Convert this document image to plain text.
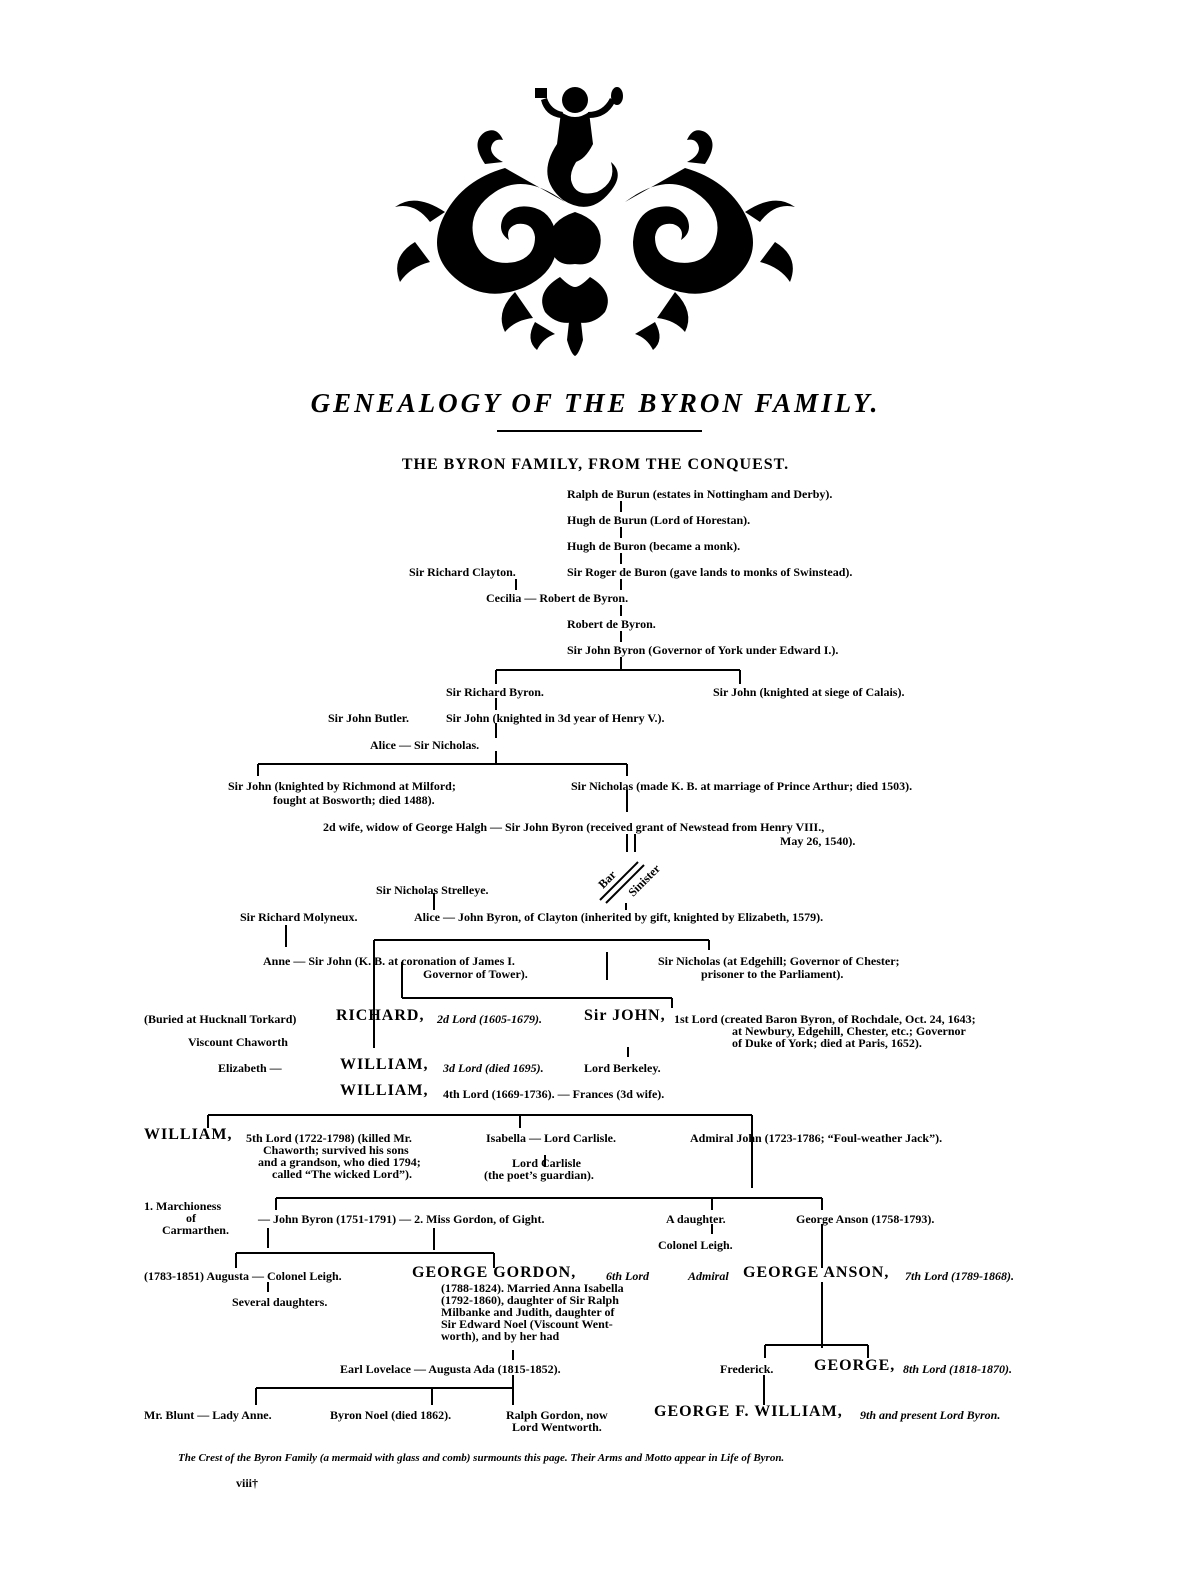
GENEALOGY OF THE BYRON FAMILY.
THE BYRON FAMILY, FROM THE CONQUEST.
Ralph de Burun (estates in Nottingham and Derby).
Hugh de Burun (Lord of Horestan).
Hugh de Buron (became a monk).
Sir Richard Clayton.	Sir Roger de Buron (gave lands to monks of Swinstead).
Cecilia — Robert de Byron.
Robert de Byron.
Sir John Byron (Governor of York under Edward I.).
Sir Richard Byron.	Sir John (knighted at siege of Calais).
Sir John Butler.	Sir John (knighted in 3d year of Henry V.).
Alice — Sir Nicholas.
Sir John (knighted by Richmond at Milford;
fought at Bosworth; died 1488).
Sir Nicholas (made K. B. at marriage of Prince Arthur; died 1503).
2d wife, widow of George Halgh — Sir John Byron (received grant of Newstead from Henry VIII.,
May 26, 1540).
Bar Sinister
Sir Nicholas Strelleye.
Sir Richard Molyneux.	Alice — John Byron, of Clayton (inherited by gift, knighted by Elizabeth, 1579).
Anne — Sir John (K. B. at coronation of James I.
Governor of Tower).
Sir Nicholas (at Edgehill; Governor of Chester;
prisoner to the Parliament).
(Buried at Hucknall Torkard) RICHARD, 2d Lord (1605-1679).	Sir JOHN, 1st Lord (created Baron Byron, of Rochdale, Oct. 24, 1643;
at Newbury, Edgehill, Chester, etc.; Governor
of Duke of York; died at Paris, 1652).
Viscount Chaworth
Elizabeth —	WILLIAM, 3d Lord (died 1695).	Lord Berkeley.
WILLIAM, 4th Lord (1669-1736). — Frances (3d wife).
WILLIAM, 5th Lord (1722-1798) (killed Mr.
Chaworth; survived his sons
and a grandson, who died 1794;
called “The wicked Lord”).
Isabella — Lord Carlisle.
Lord Carlisle
(the poet’s guardian).
Admiral John (1723-1786; “Foul-weather Jack”).
1. Marchioness
of
Carmarthen.
— John Byron (1751-1791) — 2. Miss Gordon, of Gight.	A daughter.
Colonel Leigh.
George Anson (1758-1793).
(1783-1851) Augusta — Colonel Leigh.
Several daughters.
GEORGE GORDON, 6th Lord
(1788-1824). Married Anna Isabella
(1792-1860), daughter of Sir Ralph
Milbanke and Judith, daughter of
Sir Edward Noel (Viscount Went-
worth), and by her had
Admiral GEORGE ANSON, 7th Lord (1789-1868).
Earl Lovelace — Augusta Ada (1815-1852).	Frederick.	GEORGE, 8th Lord (1818-1870).
Mr. Blunt — Lady Anne.	Byron Noel (died 1862).	Ralph Gordon, now
Lord Wentworth.
GEORGE F. WILLIAM, 9th and present Lord Byron.
The Crest of the Byron Family (a mermaid with glass and comb) surmounts this page. Their Arms and Motto appear in Life of Byron.
viii†
